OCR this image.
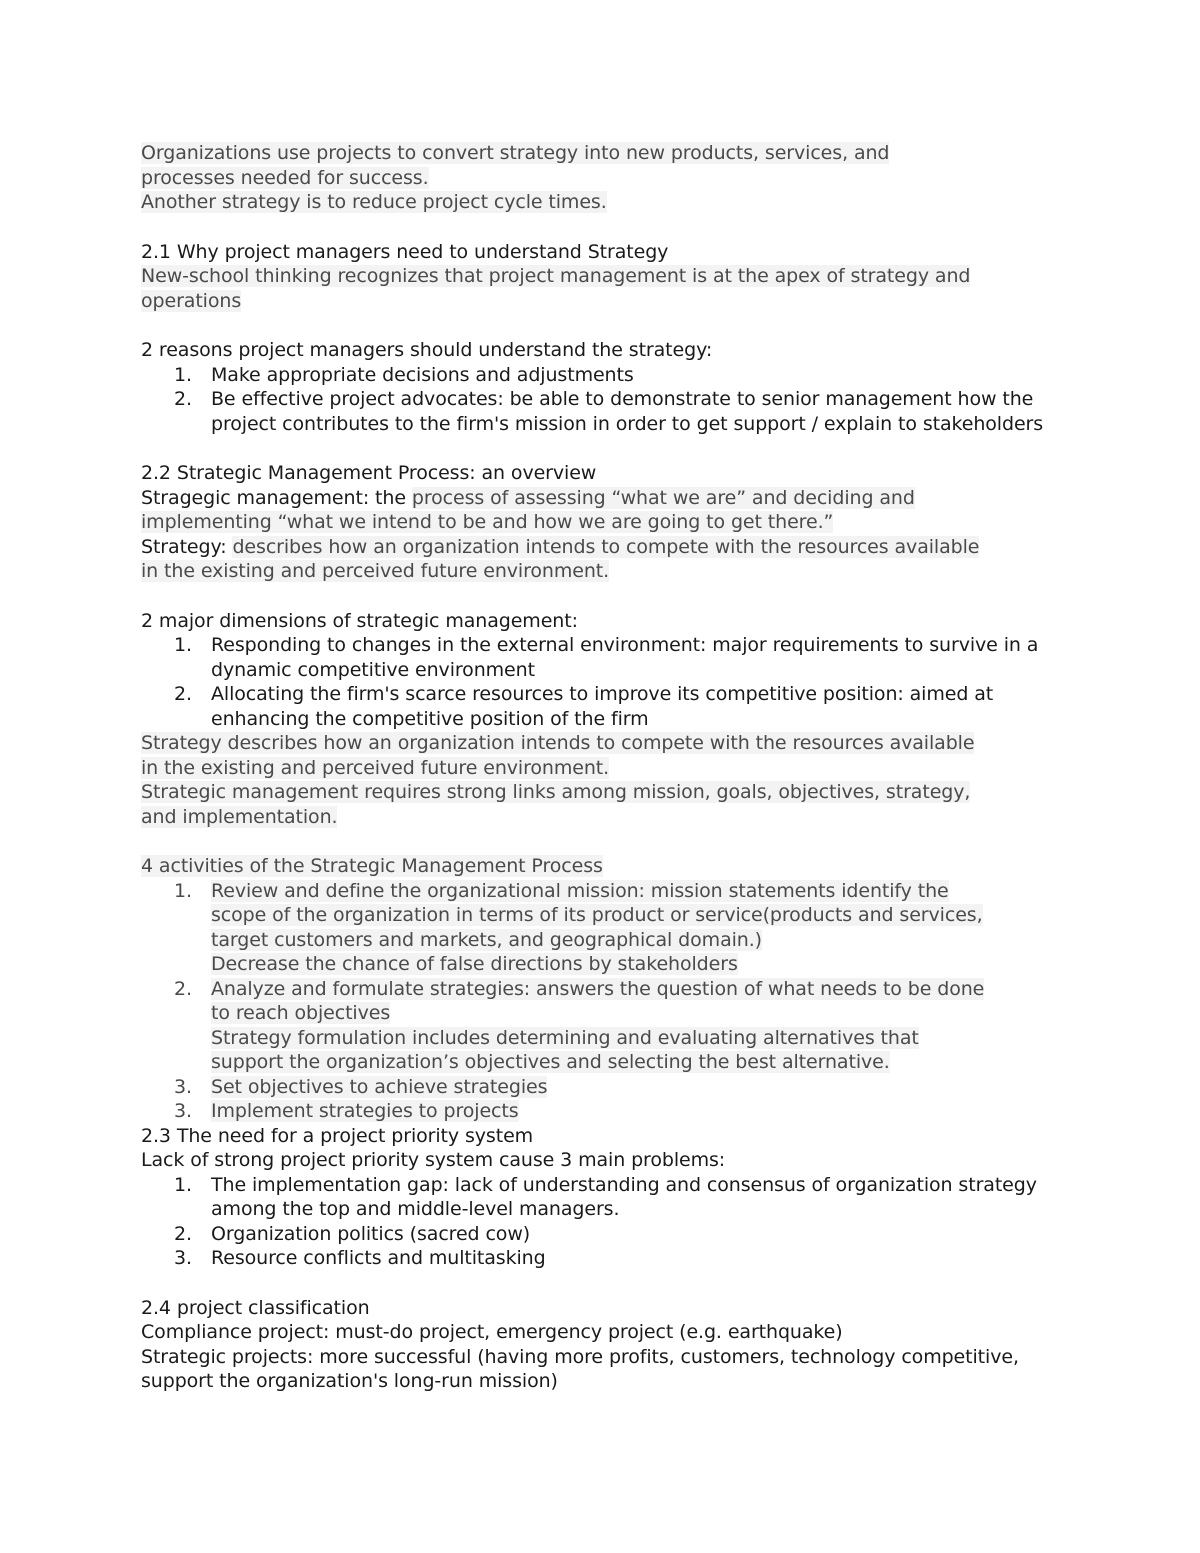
Organizations use projects to convert strategy into new products, services, and
processes needed for success.
Another strategy is to reduce project cycle times.
2.1 Why project managers need to understand Strategy
New-school thinking recognizes that project management is at the apex of strategy and
operations
2 reasons project managers should understand the strategy:
1. Make appropriate decisions and adjustments
2. Be effective project advocates: be able to demonstrate to senior management how the
project contributes to the firm's mission in order to get support / explain to stakeholders
2.2 Strategic Management Process: an overview
Stragegic management: the process of assessing “what we are” and deciding and
implementing “what we intend to be and how we are going to get there.”
Strategy: describes how an organization intends to compete with the resources available
in the existing and perceived future environment.
2 major dimensions of strategic management:
1. Responding to changes in the external environment: major requirements to survive in a
dynamic competitive environment
2. Allocating the firm's scarce resources to improve its competitive position: aimed at
enhancing the competitive position of the firm
Strategy describes how an organization intends to compete with the resources available
in the existing and perceived future environment.
Strategic management requires strong links among mission, goals, objectives, strategy,
and implementation.
4 activities of the Strategic Management Process
1. Review and define the organizational mission: mission statements identify the
scope of the organization in terms of its product or service(products and services,
target customers and markets, and geographical domain.)
Decrease the chance of false directions by stakeholders
2. Analyze and formulate strategies: answers the question of what needs to be done
to reach objectives
Strategy formulation includes determining and evaluating alternatives that
support the organization’s objectives and selecting the best alternative.
3. Set objectives to achieve strategies
3. Implement strategies to projects
2.3 The need for a project priority system
Lack of strong project priority system cause 3 main problems:
1. The implementation gap: lack of understanding and consensus of organization strategy
among the top and middle-level managers.
2. Organization politics (sacred cow)
3. Resource conflicts and multitasking
2.4 project classification
Compliance project: must-do project, emergency project (e.g. earthquake)
Strategic projects: more successful (having more profits, customers, technology competitive,
support the organization's long-run mission)
